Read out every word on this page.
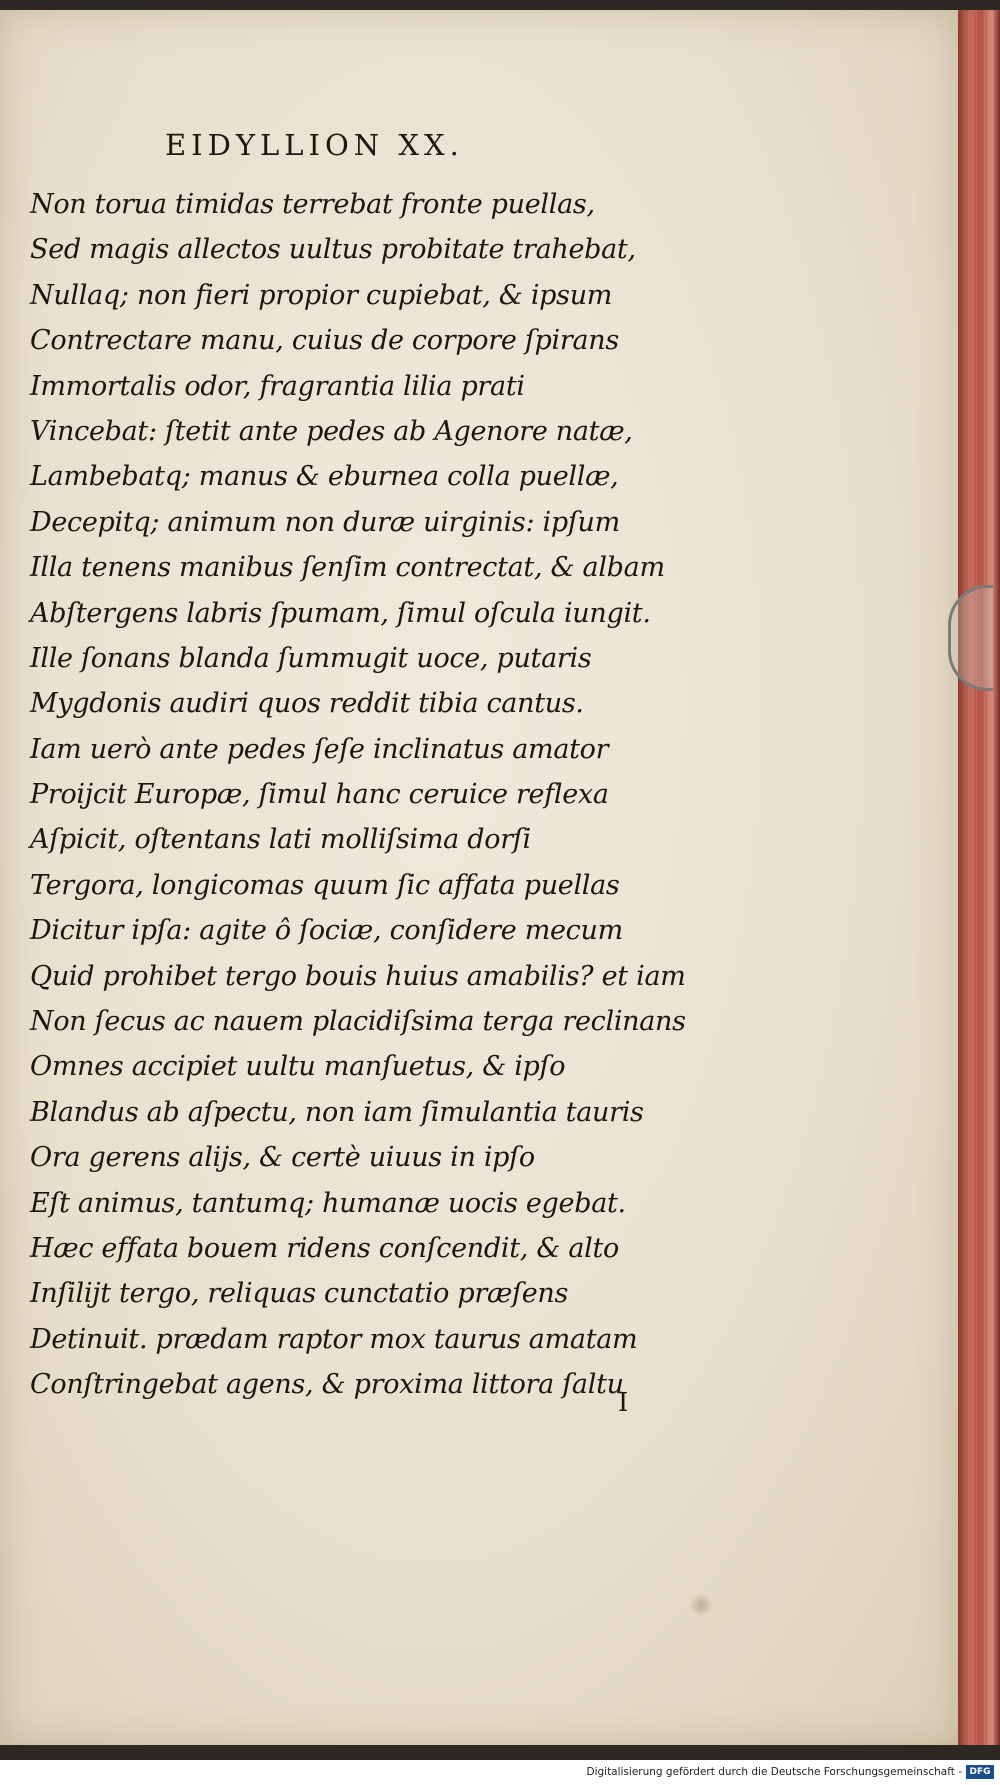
EIDYLLION XX.
Non torua timidas terrebat fronte puellas,
Sed magis allectos uultus probitate trahebat,
Nullaq; non fieri propior cupiebat, & ipsum
Contrectare manu, cuius de corpore ſpirans
Immortalis odor, fragrantia lilia prati
Vincebat: ſtetit ante pedes ab Agenore natæ,
Lambebatq; manus & eburnea colla puellæ,
Decepitq; animum non duræ uirginis: ipſum
Illa tenens manibus ſenſim contrectat, & albam
Abſtergens labris ſpumam, ſimul oſcula iungit.
Ille ſonans blanda ſummugit uoce, putaris
Mygdonis audiri quos reddit tibia cantus.
Iam uerò ante pedes ſeſe inclinatus amator
Proijcit Europæ, ſimul hanc ceruice reflexa
Aſpicit, oſtentans lati molliſsima dorſi
Tergora, longicomas quum ſic affata puellas
Dicitur ipſa: agite ô ſociæ, conſidere mecum
Quid prohibet tergo bouis huius amabilis? et iam
Non ſecus ac nauem placidiſsima terga reclinans
Omnes accipiet uultu manſuetus, & ipſo
Blandus ab aſpectu, non iam ſimulantia tauris
Ora gerens alijs, & certè uiuus in ipſo
Eſt animus, tantumq; humanæ uocis egebat.
Hæc effata bouem ridens conſcendit, & alto
Inſilijt tergo, reliquas cunctatio præſens
Detinuit. prædam raptor mox taurus amatam
Conſtringebat agens, & proxima littora ſaltu
I
Digitalisierung gefördert durch die Deutsche Forschungsgemeinschaft - DFG
